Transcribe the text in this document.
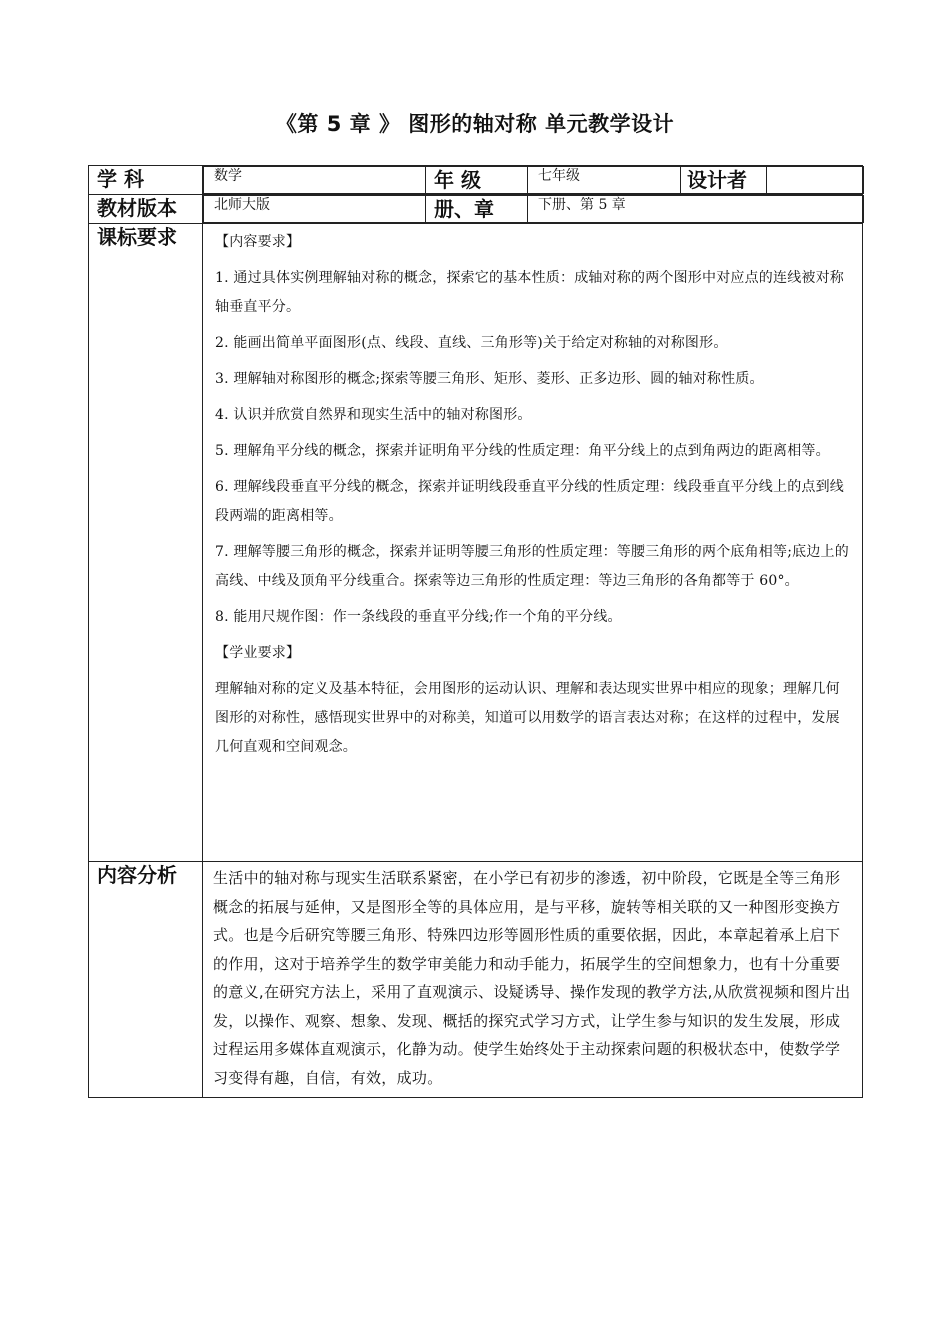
《第 5 章 》 图形的轴对称 单元教学设计
学 科		数学	年 级	七年级	设计者	

教材版本		北师大版	册、章	下册、第 5 章

课标要求	【内容要求】

1. 通过具体实例理解轴对称的概念，探索它的基本性质：成轴对称的两个图形中对应点的连线被对称轴垂直平分。

2. 能画出简单平面图形(点、线段、直线、三角形等)关于给定对称轴的对称图形。

3. 理解轴对称图形的概念;探索等腰三角形、矩形、菱形、正多边形、圆的轴对称性质。

4. 认识并欣赏自然界和现实生活中的轴对称图形。

5. 理解角平分线的概念，探索并证明角平分线的性质定理：角平分线上的点到角两边的距离相等。

6. 理解线段垂直平分线的概念，探索并证明线段垂直平分线的性质定理：线段垂直平分线上的点到线段两端的距离相等。

7. 理解等腰三角形的概念，探索并证明等腰三角形的性质定理：等腰三角形的两个底角相等;底边上的高线、中线及顶角平分线重合。探索等边三角形的性质定理：等边三角形的各角都等于 60°。

8. 能用尺规作图：作一条线段的垂直平分线;作一个角的平分线。

【学业要求】

理解轴对称的定义及基本特征，会用图形的运动认识、理解和表达现实世界中相应的现象；理解几何图形的对称性，感悟现实世界中的对称美，知道可以用数学的语言表达对称；在这样的过程中，发展几何直观和空间观念。

内容分析	生活中的轴对称与现实生活联系紧密，在小学已有初步的渗透，初中阶段，它既是全等三角形概念的拓展与延伸，又是图形全等的具体应用，是与平移，旋转等相关联的又一种图形变换方式。也是今后研究等腰三角形、特殊四边形等圆形性质的重要依据，因此，本章起着承上启下的作用，这对于培养学生的数学审美能力和动手能力，拓展学生的空间想象力，也有十分重要的意义,在研究方法上，采用了直观演示、设疑诱导、操作发现的教学方法,从欣赏视频和图片出发，以操作、观察、想象、发现、概括的探究式学习方式，让学生参与知识的发生发展，形成过程运用多媒体直观演示，化静为动。使学生始终处于主动探索问题的积极状态中，使数学学习变得有趣，自信，有效，成功。
